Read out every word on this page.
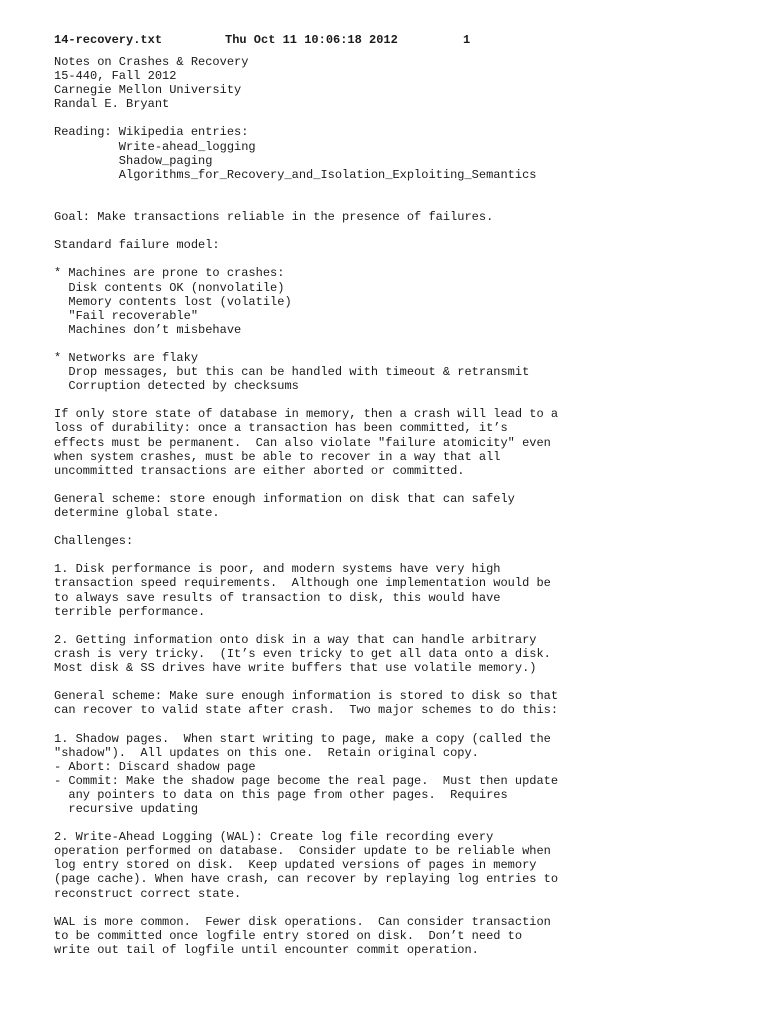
14-recovery.txt	Thu Oct 11 10:06:18 2012	1
Notes on Crashes & Recovery
15-440, Fall 2012
Carnegie Mellon University
Randal E. Bryant
Reading: Wikipedia entries:
Write-ahead_logging
Shadow_paging
Algorithms_for_Recovery_and_Isolation_Exploiting_Semantics
Goal: Make transactions reliable in the presence of failures.
Standard failure model:
* Machines are prone to crashes:
Disk contents OK (nonvolatile)
Memory contents lost (volatile)
"Fail recoverable"
Machines don’t misbehave
* Networks are flaky
Drop messages, but this can be handled with timeout & retransmit
Corruption detected by checksums
If only store state of database in memory, then a crash will lead to a
loss of durability: once a transaction has been committed, it’s
effects must be permanent.  Can also violate "failure atomicity" even
when system crashes, must be able to recover in a way that all
uncommitted transactions are either aborted or committed.
General scheme: store enough information on disk that can safely
determine global state.
Challenges:
1. Disk performance is poor, and modern systems have very high
transaction speed requirements.  Although one implementation would be
to always save results of transaction to disk, this would have
terrible performance.
2. Getting information onto disk in a way that can handle arbitrary
crash is very tricky.  (It’s even tricky to get all data onto a disk.
Most disk & SS drives have write buffers that use volatile memory.)
General scheme: Make sure enough information is stored to disk so that
can recover to valid state after crash.  Two major schemes to do this:
1. Shadow pages.  When start writing to page, make a copy (called the
"shadow").  All updates on this one.  Retain original copy.
- Abort: Discard shadow page
- Commit: Make the shadow page become the real page.  Must then update
any pointers to data on this page from other pages.  Requires
recursive updating
2. Write-Ahead Logging (WAL): Create log file recording every
operation performed on database.  Consider update to be reliable when
log entry stored on disk.  Keep updated versions of pages in memory
(page cache). When have crash, can recover by replaying log entries to
reconstruct correct state.
WAL is more common.  Fewer disk operations.  Can consider transaction
to be committed once logfile entry stored on disk.  Don’t need to
write out tail of logfile until encounter commit operation.
